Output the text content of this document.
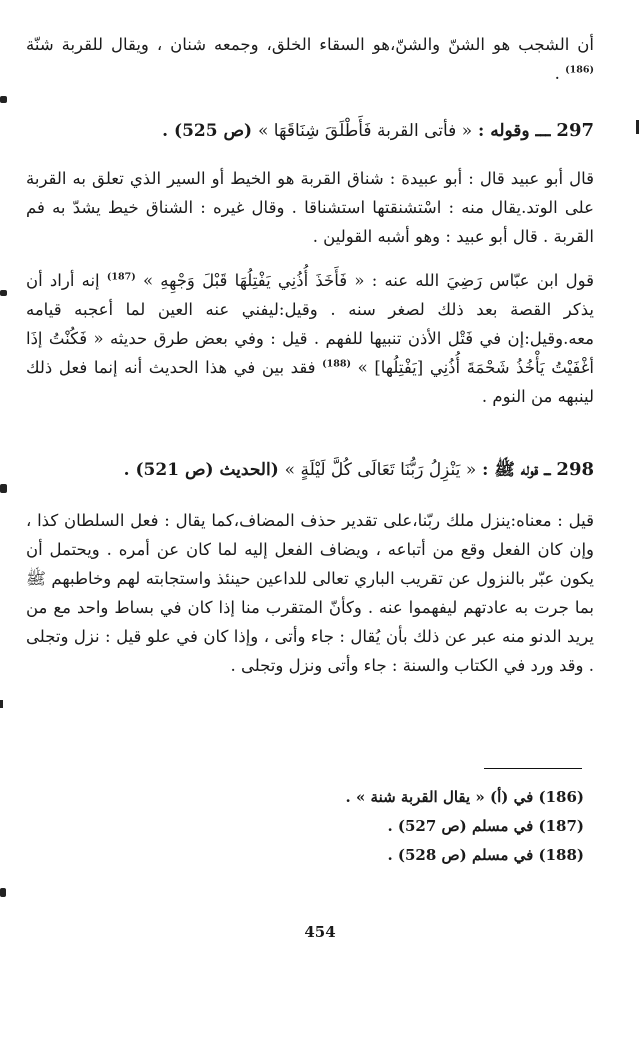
أن الشجب هو الشنّ والشنّ،هو السقاء الخلق، وجمعه شنان ، ويقال للقربة شنّة $^{(186)}$ .

297 ـــ وقوله : « فأتى القربة فَأَطْلَقَ شِنَاقَهَا » (ص 525) .

قال أبو عبيد قال : أبو عبيدة : شناق القربة هو الخيط أو السير الذي تعلق به القربة على الوتد.يقال منه : اسْتشنقتها استشناقا . وقال غيره : الشناق خيط يشدّ به فم القربة . قال أبو عبيد : وهو أشبه القولين .

قول ابن عبّاس رَضِيَ الله عنه : « فَأَخَذَ أُذُنِي يَفْتِلُهَا قَبْلَ وَجْهِهِ » $^{(187)}$ إنه أراد أن يذكر القصة بعد ذلك لصغر سنه . وقيل:ليفني عنه العين لما أعجبه قيامه معه.وقيل:إن في فَتْل الأذن تنبيها للفهم . قيل : وفي بعض طرق حديثه « فَكُنْتُ إذَا أغْفَيْتُ يَأْخُذُ شَحْمَةَ أُذُنِي [يَفْتِلُها] » $^{(188)}$ فقد بين في هذا الحديث أنه إنما فعل ذلك لينبهه من النوم .

298 ـــ قوله ﷺ : « يَنْزِلُ رَبُّنَا تَعَالَى كُلَّ لَيْلَةٍ » (الحديث (ص 521) .

قيل : معناه:ينزل ملك ربّنا،على تقدير حذف المضاف،كما يقال : فعل السلطان كذا ، وإن كان الفعل وقع من أتباعه ، ويضاف الفعل إليه لما كان عن أمره . ويحتمل أن يكون عبّر بالنزول عن تقريب الباري تعالى للداعين حينئذ واستجابته لهم وخاطبهم ﷺ بما جرت به عادتهم ليفهموا عنه . وكأنّ المتقرب منا إذا كان في بساط واحد مع من يريد الدنو منه عبر عن ذلك بأن يُقال : جاء وأتى ، وإذا كان في علو قيل : نزل وتجلى . وقد ورد في الكتاب والسنة : جاء وأتى ونزل وتجلى .

(186) في (أ) « يقال القربة شنة » .

(187) في مسلم (ص 527) .

(188) في مسلم (ص 528) .

454
